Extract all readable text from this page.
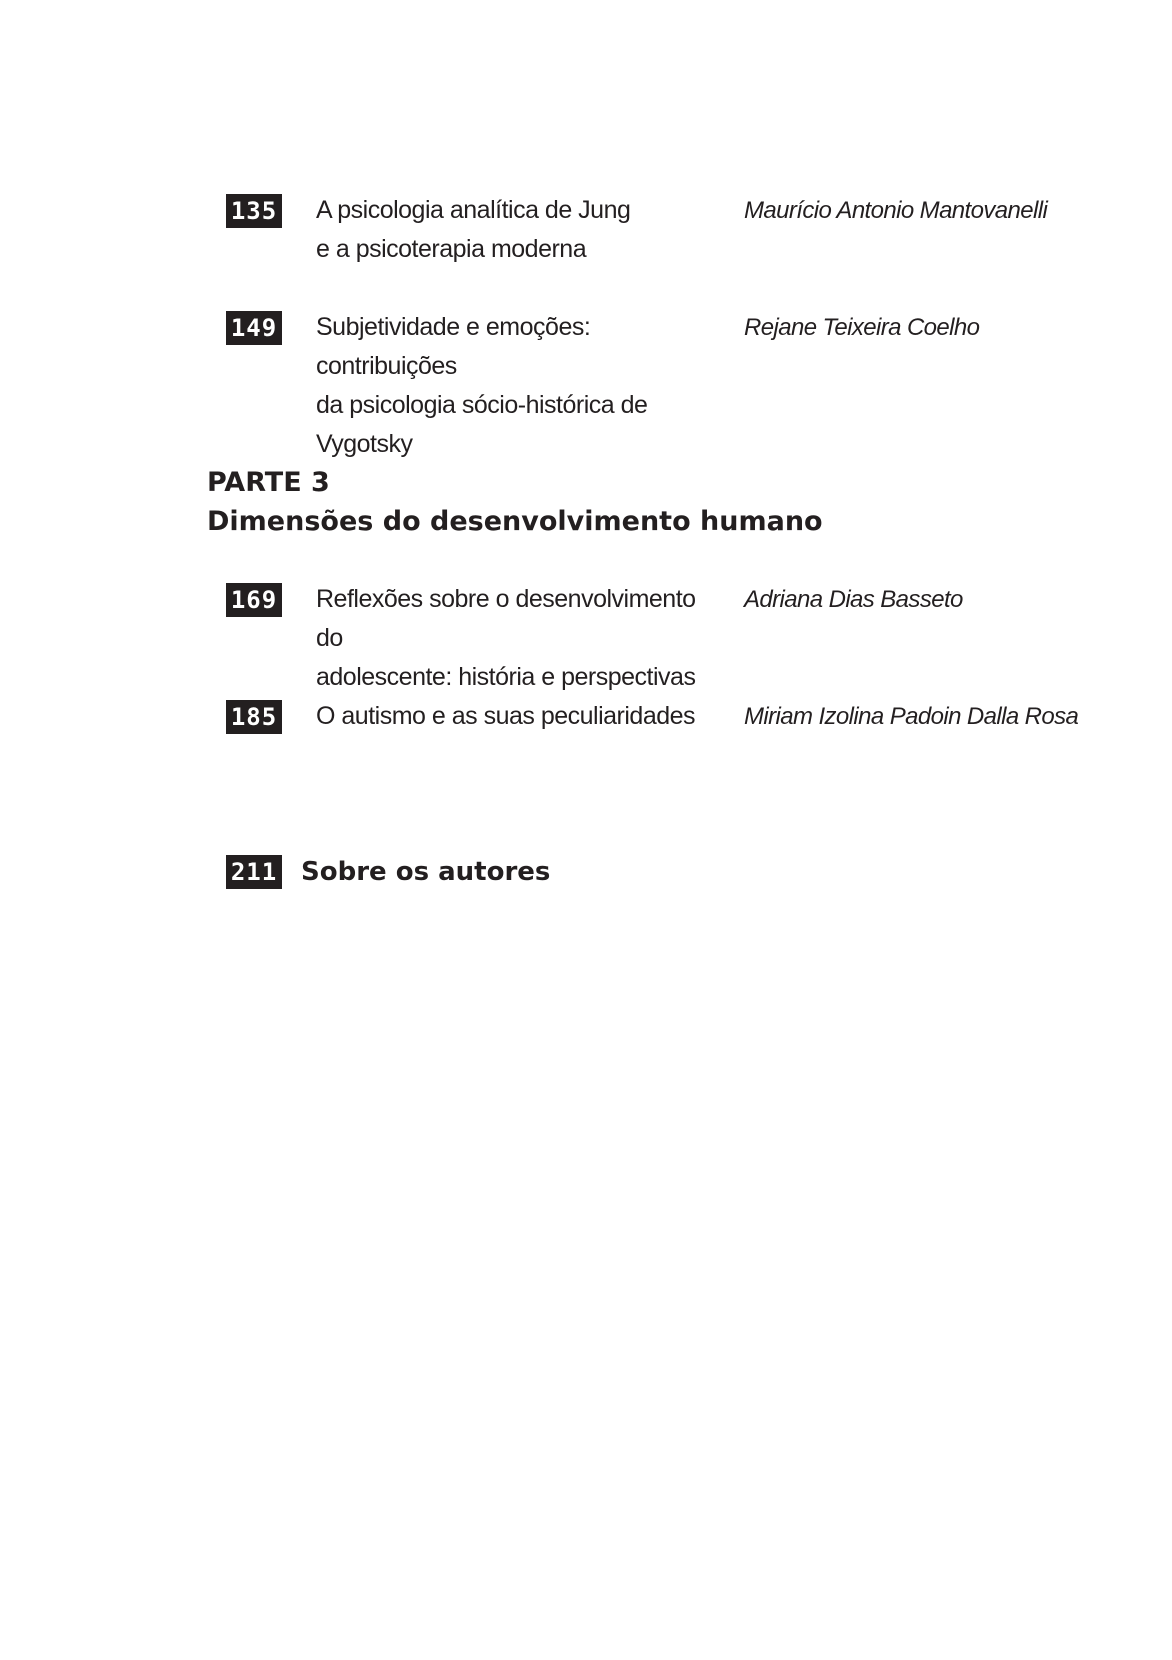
135 A psicologia analítica de Jung
e a psicoterapia moderna
Maurício Antonio Mantovanelli
149 Subjetividade e emoções: contribuições
da psicologia sócio-histórica de Vygotsky
Rejane Teixeira Coelho
PARTE 3
Dimensões do desenvolvimento humano
169 Reflexões sobre o desenvolvimento do
adolescente: história e perspectivas
Adriana Dias Basseto
185 O autismo e as suas peculiaridades	Miriam Izolina Padoin Dalla Rosa
211 Sobre os autores
